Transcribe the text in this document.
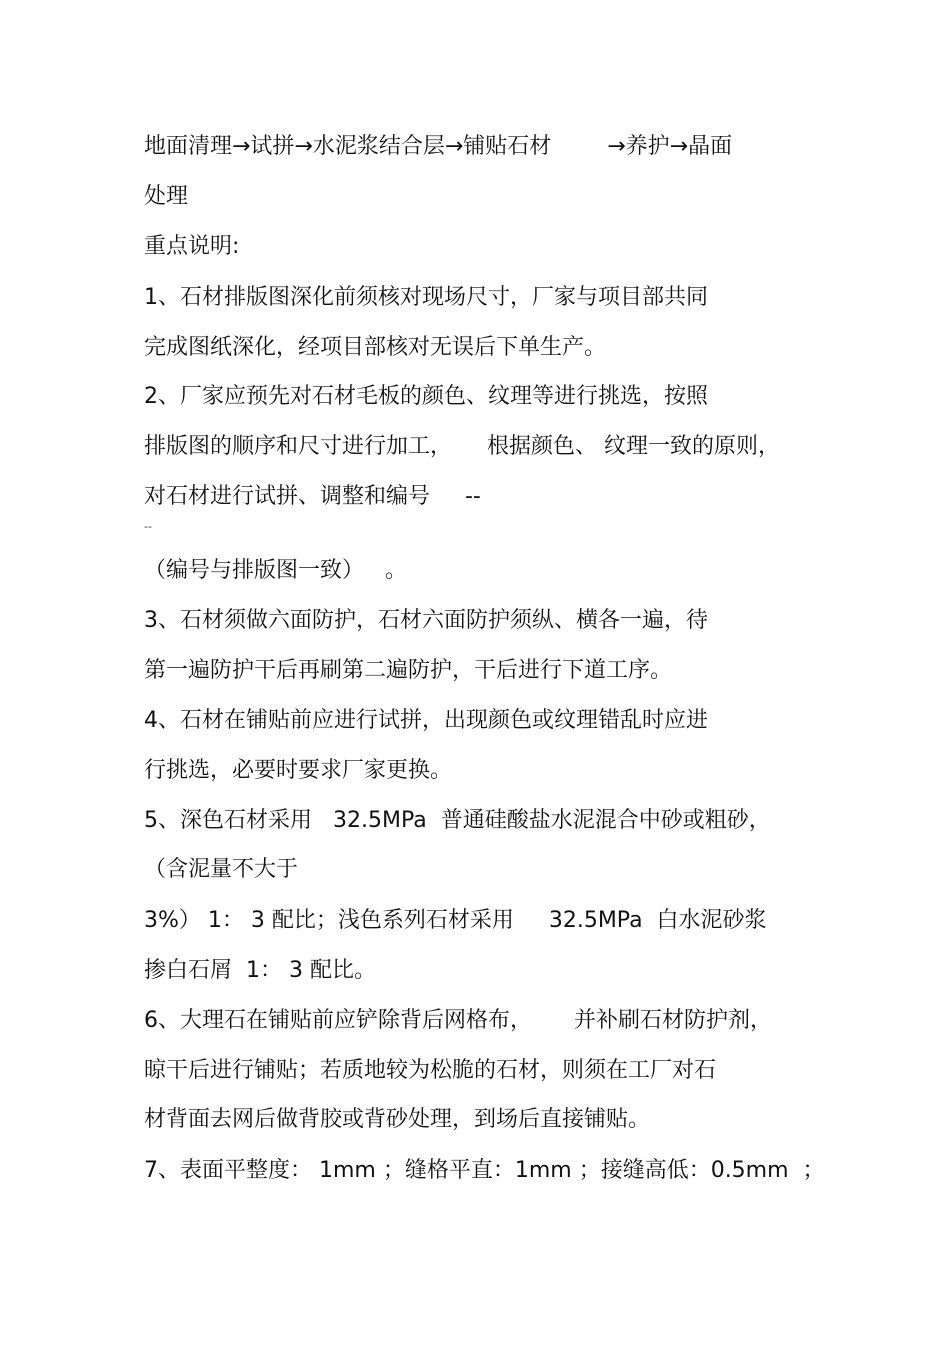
地面清理→试拼→水泥浆结合层→铺贴石材        →养护→晶面
处理
重点说明:
1、石材排版图深化前须核对现场尺寸，厂家与项目部共同
完成图纸深化，经项目部核对无误后下单生产。
2、厂家应预先对石材毛板的颜色、纹理等进行挑选，按照
排版图的顺序和尺寸进行加工，     根据颜色、 纹理一致的原则，
对石材进行试拼、调整和编号     --
--
（编号与排版图一致）   。
3、石材须做六面防护，石材六面防护须纵、横各一遍，待
第一遍防护干后再刷第二遍防护，干后进行下道工序。
4、石材在铺贴前应进行试拼，出现颜色或纹理错乱时应进
行挑选，必要时要求厂家更换。
5、深色石材采用   32.5MPa  普通硅酸盐水泥混合中砂或粗砂，
（含泥量不大于
3%） 1： 3 配比；浅色系列石材采用     32.5MPa  白水泥砂浆
掺白石屑  1： 3 配比。
6、大理石在铺贴前应铲除背后网格布，      并补刷石材防护剂，
晾干后进行铺贴；若质地较为松脆的石材，则须在工厂对石
材背面去网后做背胶或背砂处理，到场后直接铺贴。
7、表面平整度： 1mm ；缝格平直：1mm ；接缝高低：0.5mm  ；
